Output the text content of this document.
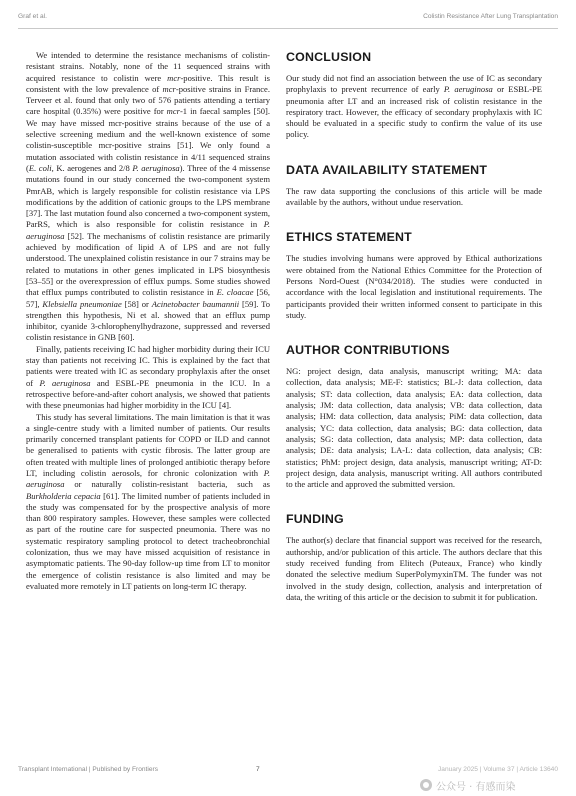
Graf et al.	Colistin Resistance After Lung Transplantation

We intended to determine the resistance mechanisms of colistin-resistant strains. Notably, none of the 11 sequenced strains with acquired resistance to colistin were mcr-positive. This result is consistent with the low prevalence of mcr-positive strains in France. Terveer et al. found that only two of 576 patients attending a tertiary care hospital (0.35%) were positive for mcr-1 in faecal samples [50]. We may have missed mcr-positive strains because of the use of a selective screening medium and the well-known existence of some colistin-susceptible mcr-positive strains [51]. We only found a mutation associated with colistin resistance in 4/11 sequenced strains (E. coli, K. aerogenes and 2/8 P. aeruginosa). Three of the 4 missense mutations found in our study concerned the two-component system PmrAB, which is largely responsible for colistin resistance via LPS modifications by the addition of cationic groups to the LPS membrane [37]. The last mutation found also concerned a two-component system, ParRS, which is also responsible for colistin resistance in P. aeruginosa [52]. The mechanisms of colistin resistance are primarily achieved by modification of lipid A of LPS and are not fully understood. The unexplained colistin resistance in our 7 strains may be related to mutations in other genes implicated in LPS biosynthesis [53–55] or the overexpression of efflux pumps. Some studies showed that efflux pumps contributed to colistin resistance in E. cloacae [56, 57], Klebsiella pneumoniae [58] or Acinetobacter baumannii [59]. To strengthen this hypothesis, Ni et al. showed that an efflux pump inhibitor, cyanide 3-chlorophenylhydrazone, suppressed and reversed colistin resistance in GNB [60].

Finally, patients receiving IC had higher morbidity during their ICU stay than patients not receiving IC. This is explained by the fact that patients were treated with IC as secondary prophylaxis after the onset of P. aeruginosa and ESBL-PE pneumonia in the ICU. In a retrospective before-and-after cohort analysis, we showed that patients with these pneumonias had higher morbidity in the ICU [4].

This study has several limitations. The main limitation is that it was a single-centre study with a limited number of patients. Our results primarily concerned transplant patients for COPD or ILD and cannot be generalised to patients with cystic fibrosis. The latter group are often treated with multiple lines of prolonged antibiotic therapy before LT, including colistin aerosols, for chronic colonization with P. aeruginosa or naturally colistin-resistant bacteria, such as Burkholderia cepacia [61]. The limited number of patients included in the study was compensated for by the prospective analysis of more than 800 respiratory samples. However, these samples were collected as part of the routine care for suspected pneumonia. There was no systematic respiratory sampling protocol to detect tracheobronchial colonization, thus we may have missed acquisition of resistance in asymptomatic patients. The 90-day follow-up time from LT to monitor the emergence of colistin resistance is also limited and may be evaluated more remotely in LT patients on long-term IC therapy.

CONCLUSION

Our study did not find an association between the use of IC as secondary prophylaxis to prevent recurrence of early P. aeruginosa or ESBL-PE pneumonia after LT and an increased risk of colistin resistance in the respiratory tract. However, the efficacy of secondary prophylaxis with IC should be evaluated in a specific study to confirm the value of its use policy.

DATA AVAILABILITY STATEMENT

The raw data supporting the conclusions of this article will be made available by the authors, without undue reservation.

ETHICS STATEMENT

The studies involving humans were approved by Ethical authorizations were obtained from the National Ethics Committee for the Protection of Persons Nord-Ouest (N°034/2018). The studies were conducted in accordance with the local legislation and institutional requirements. The participants provided their written informed consent to participate in this study.

AUTHOR CONTRIBUTIONS

NG: project design, data analysis, manuscript writing; MA: data collection, data analysis; ME-F: statistics; BL-J: data collection, data analysis; ST: data collection, data analysis; EA: data collection, data analysis; JM: data collection, data analysis; VB: data collection, data analysis; HM: data collection, data analysis; PiM: data collection, data analysis; YC: data collection, data analysis; BG: data collection, data analysis; SG: data collection, data analysis; MP: data collection, data analysis; DE: data analysis; LA-L: data collection, data analysis; CB: statistics; PhM: project design, data analysis, manuscript writing; AT-D: project design, data analysis, manuscript writing. All authors contributed to the article and approved the submitted version.

FUNDING

The author(s) declare that financial support was received for the research, authorship, and/or publication of this article. The authors declare that this study received funding from Elitech (Puteaux, France) who kindly donated the selective medium SuperPolymyxinTM. The funder was not involved in the study design, collection, analysis and interpretation of data, the writing of this article or the decision to submit it for publication.

Transplant International | Published by Frontiers	7	January 2025 | Volume 37 | Article 13640
公众号 · 有感而染
